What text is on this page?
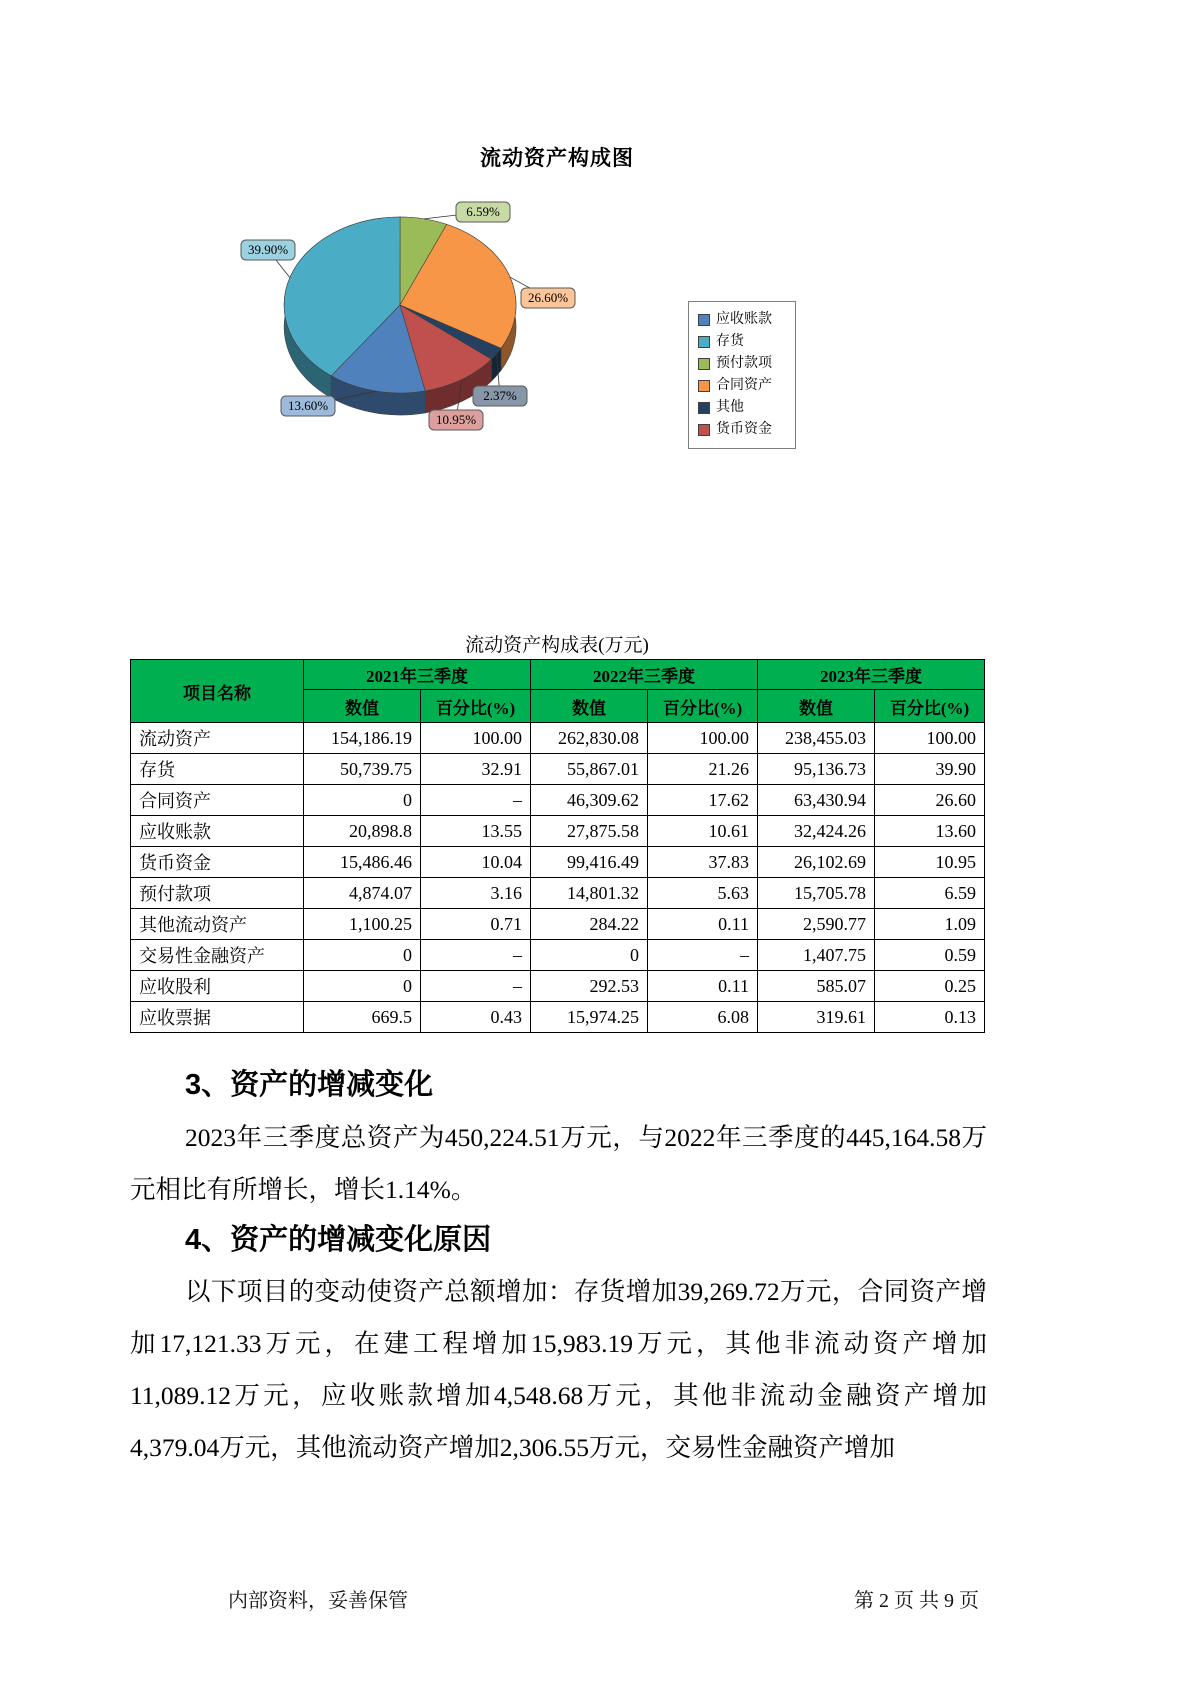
流动资产构成图
6.59%
26.60%
2.37%
10.95%
13.60%
39.90%
应收账款
存货
预付款项
合同资产
其他
货币资金
流动资产构成表(万元)
项目名称	2021年三季度		2022年三季度		2023年三季度	
	数值	百分比(%)	数值	百分比(%)	数值	百分比(%)
流动资产	154,186.19	100.00	262,830.08	100.00	238,455.03	100.00
存货	50,739.75	32.91	55,867.01	21.26	95,136.73	39.90
合同资产	0	–	46,309.62	17.62	63,430.94	26.60
应收账款	20,898.8	13.55	27,875.58	10.61	32,424.26	13.60
货币资金	15,486.46	10.04	99,416.49	37.83	26,102.69	10.95
预付款项	4,874.07	3.16	14,801.32	5.63	15,705.78	6.59
其他流动资产	1,100.25	0.71	284.22	0.11	2,590.77	1.09
交易性金融资产	0	–	0	–	1,407.75	0.59
应收股利	0	–	292.53	0.11	585.07	0.25
应收票据	669.5	0.43	15,974.25	6.08	319.61	0.13
3、资产的增减变化
2023年三季度总资产为450,224.51万元，与2022年三季度的445,164.58万元相比有所增长，增长1.14%。
4、资产的增减变化原因
以下项目的变动使资产总额增加：存货增加39,269.72万元，合同资产增加17,121.33万元，在建工程增加15,983.19万元，其他非流动资产增加11,089.12万元，应收账款增加4,548.68万元，其他非流动金融资产增加4,379.04万元，其他流动资产增加2,306.55万元，交易性金融资产增加
内部资料，妥善保管	第 2 页 共 9 页
